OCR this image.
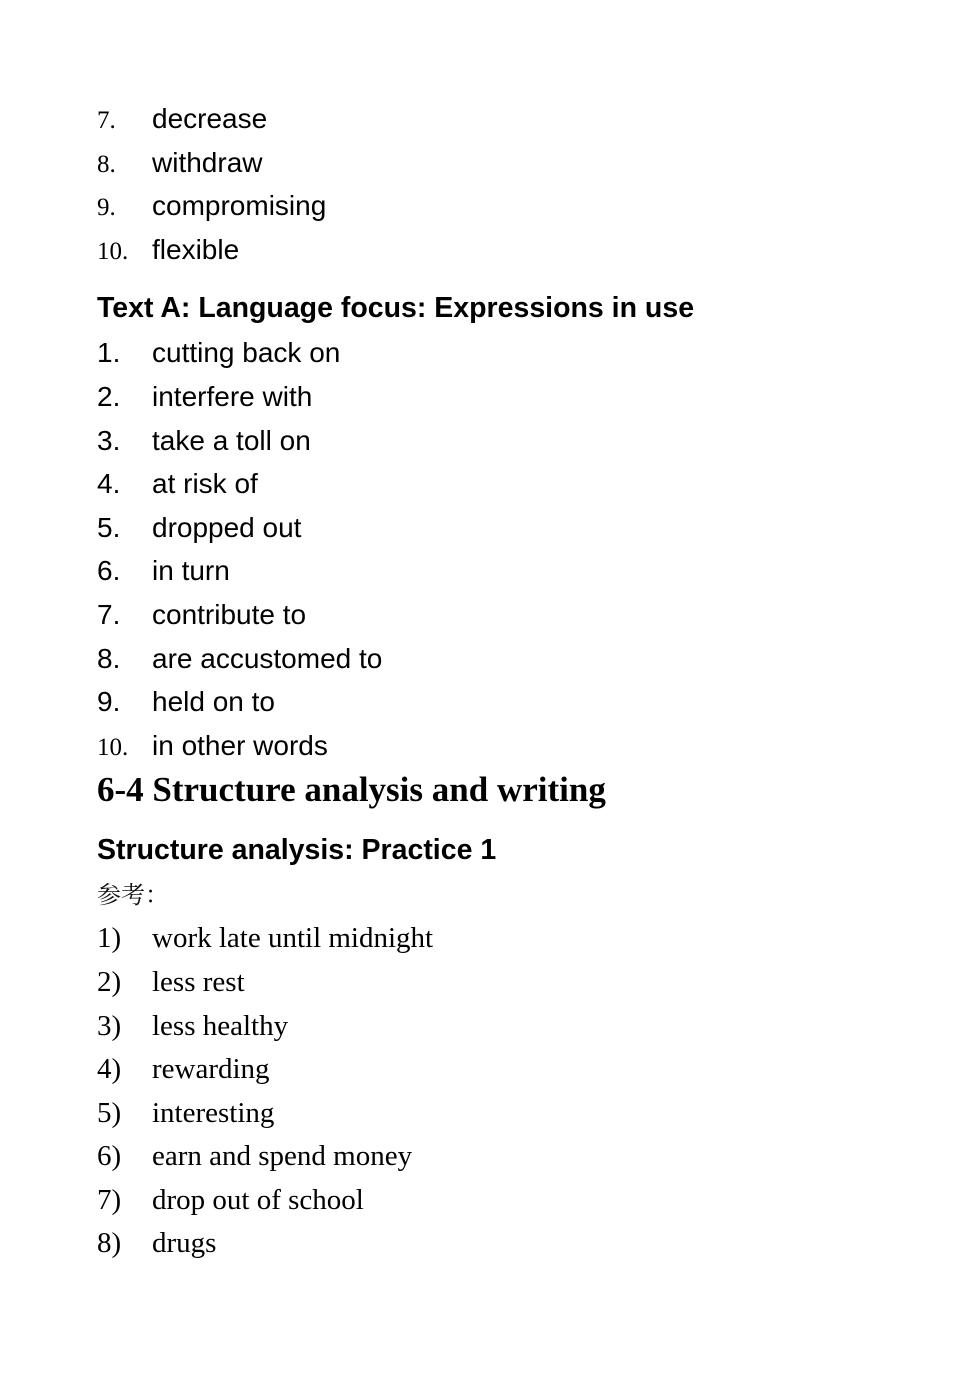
7.	decrease
8.	withdraw
9.	compromising
10. flexible
Text A: Language focus: Expressions in use
1.	cutting back on
2.	interfere with
3.	take a toll on
4.	at risk of
5.	dropped out
6.	in turn
7.	contribute to
8.	are accustomed to
9.	held on to
10. in other words
6-4 Structure analysis and writing
Structure analysis: Practice 1
参考：
1)	work late until midnight
2)	less rest
3)	less healthy
4)	rewarding
5)	interesting
6)	earn and spend money
7)	drop out of school
8)	drugs
